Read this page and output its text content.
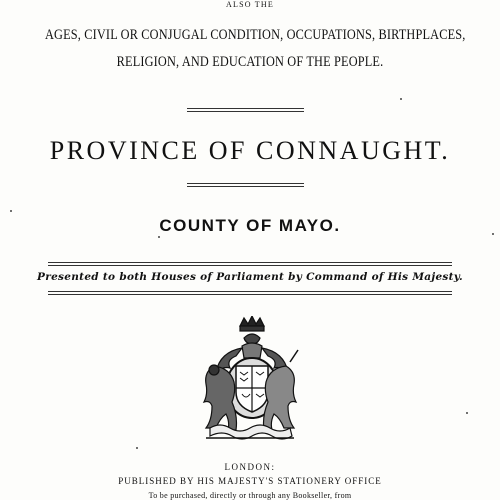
ALSO THE
AGES, CIVIL OR CONJUGAL CONDITION, OCCUPATIONS, BIRTHPLACES,
RELIGION, AND EDUCATION OF THE PEOPLE.
PROVINCE OF CONNAUGHT.
COUNTY OF MAYO.
Presented to both Houses of Parliament by Command of His Majesty.
LONDON:
PUBLISHED BY HIS MAJESTY'S STATIONERY OFFICE
To be purchased, directly or through any Bookseller, from
